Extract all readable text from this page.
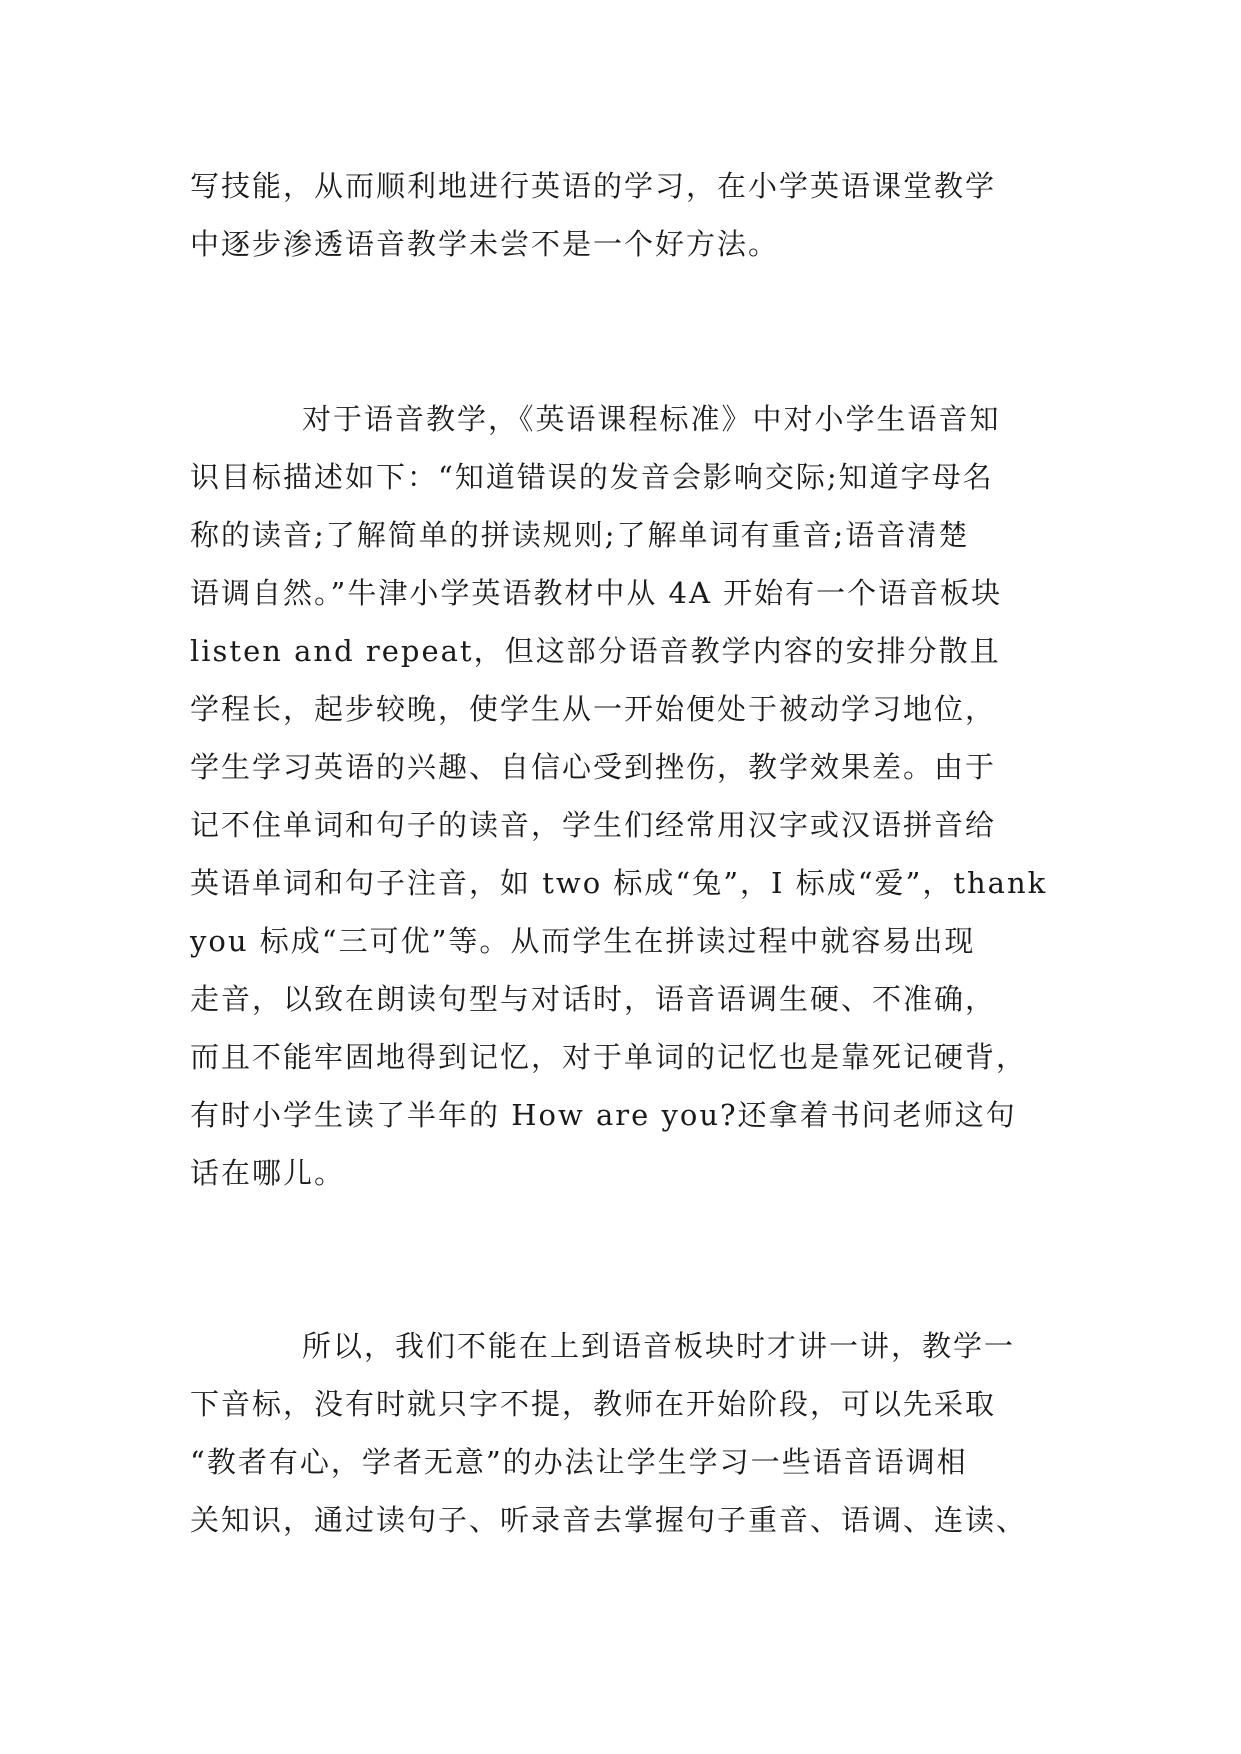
写技能，从而顺利地进行英语的学习，在小学英语课堂教学
中逐步渗透语音教学未尝不是一个好方法。

对于语音教学，《英语课程标准》中对小学生语音知
识目标描述如下：“知道错误的发音会影响交际;知道字母名
称的读音;了解简单的拼读规则;了解单词有重音;语音清楚
语调自然。”牛津小学英语教材中从 4A 开始有一个语音板块
listen and repeat，但这部分语音教学内容的安排分散且
学程长，起步较晚，使学生从一开始便处于被动学习地位，
学生学习英语的兴趣、自信心受到挫伤，教学效果差。由于
记不住单词和句子的读音，学生们经常用汉字或汉语拼音给
英语单词和句子注音，如 two 标成“兔”，I 标成“爱”，thank
you 标成“三可优”等。从而学生在拼读过程中就容易出现
走音，以致在朗读句型与对话时，语音语调生硬、不准确，
而且不能牢固地得到记忆，对于单词的记忆也是靠死记硬背，
有时小学生读了半年的 How are you?还拿着书问老师这句
话在哪儿。

所以，我们不能在上到语音板块时才讲一讲，教学一
下音标，没有时就只字不提，教师在开始阶段，可以先采取
“教者有心，学者无意”的办法让学生学习一些语音语调相
关知识，通过读句子、听录音去掌握句子重音、语调、连读、
